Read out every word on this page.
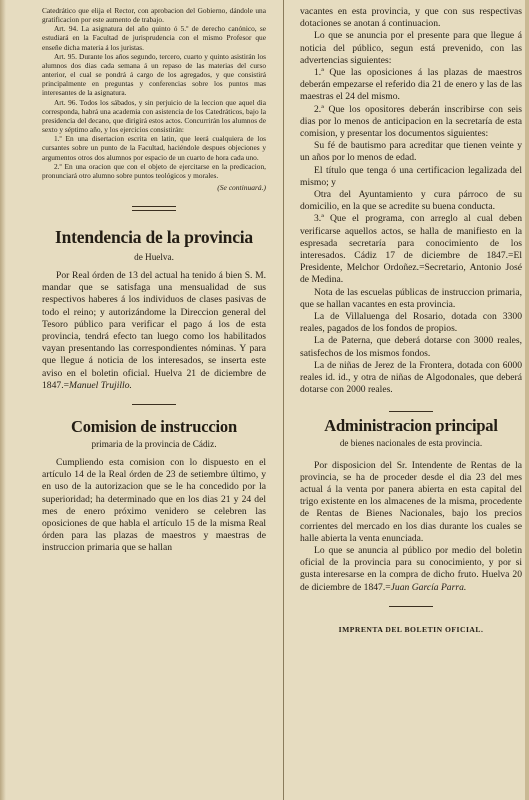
Catedrático que elija el Rector, con aprobacion del Gobierno, dándole una gratificacion por este aumento de trabajo.

Art. 94. La asignatura del año quinto ó 5.º de derecho canónico, se estudiará en la Facultad de jurisprudencia con el mismo Profesor que enseñe dicha materia á los juristas.

Art. 95. Durante los años segundo, tercero, cuarto y quinto asistirán los alumnos dos dias cada semana á un repaso de las materias del curso anterior, el cual se pondrá á cargo de los agregados, y que consistirá principalmente en preguntas y conferencias sobre los puntos mas interesantes de la asignatura.

Art. 96. Todos los sábados, y sin perjuicio de la leccion que aquel dia corresponda, habrá una academia con asistencia de los Catedráticos, bajo la presidencia del decano, que dirigirá estos actos. Concurrirán los alumnos de sexto y séptimo año, y los ejercicios consistirán:

1.º En una disertacion escrita en latin, que leerá cualquiera de los cursantes sobre un punto de la Facultad, haciéndole despues objeciones y argumentos otros dos alumnos por espacio de un cuarto de hora cada uno.

2.º En una oracion que con el objeto de ejercitarse en la predicacion, pronunciará otro alumno sobre puntos teológicos y morales.

(Se continuará.)
Intendencia de la provincia
de Huelva.

Por Real órden de 13 del actual ha tenido á bien S. M. mandar que se satisfaga una mensualidad de sus respectivos haberes á los individuos de clases pasivas de todo el reino; y autorizándome la Direccion general del Tesoro público para verificar el pago á los de esta provincia, tendrá efecto tan luego como los habilitados vayan presentando las correspondientes nóminas. Y para que llegue á noticia de los interesados, se inserta este aviso en el boletin oficial. Huelva 21 de diciembre de 1847.=Manuel Trujillo.

Comision de instruccion
primaria de la provincia de Cádiz.

Cumpliendo esta comision con lo dispuesto en el artículo 14 de la Real órden de 23 de setiembre último, y en uso de la autorizacion que se le ha concedido por la superioridad; ha determinado que en los dias 21 y 24 del mes de enero próximo venidero se celebren las oposiciones de que habla el artículo 15 de la misma Real órden para las plazas de maestros y maestras de instruccion primaria que se hallan

vacantes en esta provincia, y que con sus respectivas dotaciones se anotan á continuacion.

Lo que se anuncia por el presente para que llegue á noticia del público, segun está prevenido, con las advertencias siguientes:

1.ª Que las oposiciones á las plazas de maestros deberán empezarse el referido dia 21 de enero y las de las maestras el 24 del mismo.

2.ª Que los opositores deberán inscribirse con seis dias por lo menos de anticipacion en la secretaría de esta comision, y presentar los documentos siguientes:

Su fé de bautismo para acreditar que tienen veinte y un años por lo menos de edad.

El título que tenga ó una certificacion legalizada del mismo; y

Otra del Ayuntamiento y cura párroco de su domicilio, en la que se acredite su buena conducta.

3.ª Que el programa, con arreglo al cual deben verificarse aquellos actos, se halla de manifiesto en la espresada secretaría para conocimiento de los interesados. Cádiz 17 de diciembre de 1847.=El Presidente, Melchor Ordoñez.=Secretario, Antonio José de Medina.

Nota de las escuelas públicas de instruccion primaria, que se hallan vacantes en esta provincia.

La de Villaluenga del Rosario, dotada con 3300 reales, pagados de los fondos de propios.

La de Paterna, que deberá dotarse con 3000 reales, satisfechos de los mismos fondos.

La de niñas de Jerez de la Frontera, dotada con 6000 reales id. id., y otra de niñas de Algodonales, que deberá dotarse con 2000 reales.

Administracion principal
de bienes nacionales de esta provincia.

Por disposicion del Sr. Intendente de Rentas de la provincia, se ha de proceder desde el dia 23 del mes actual á la venta por panera abierta en esta capital del trigo existente en los almacenes de la misma, procedente de Rentas de Bienes Nacionales, bajo los precios corrientes del mercado en los dias durante los cuales se halle abierta la venta enunciada.

Lo que se anuncia al público por medio del boletin oficial de la provincia para su conocimiento, y por si gusta interesarse en la compra de dicho fruto. Huelva 20 de diciembre de 1847.=Juan García Parra.

IMPRENTA DEL BOLETIN OFICIAL.
